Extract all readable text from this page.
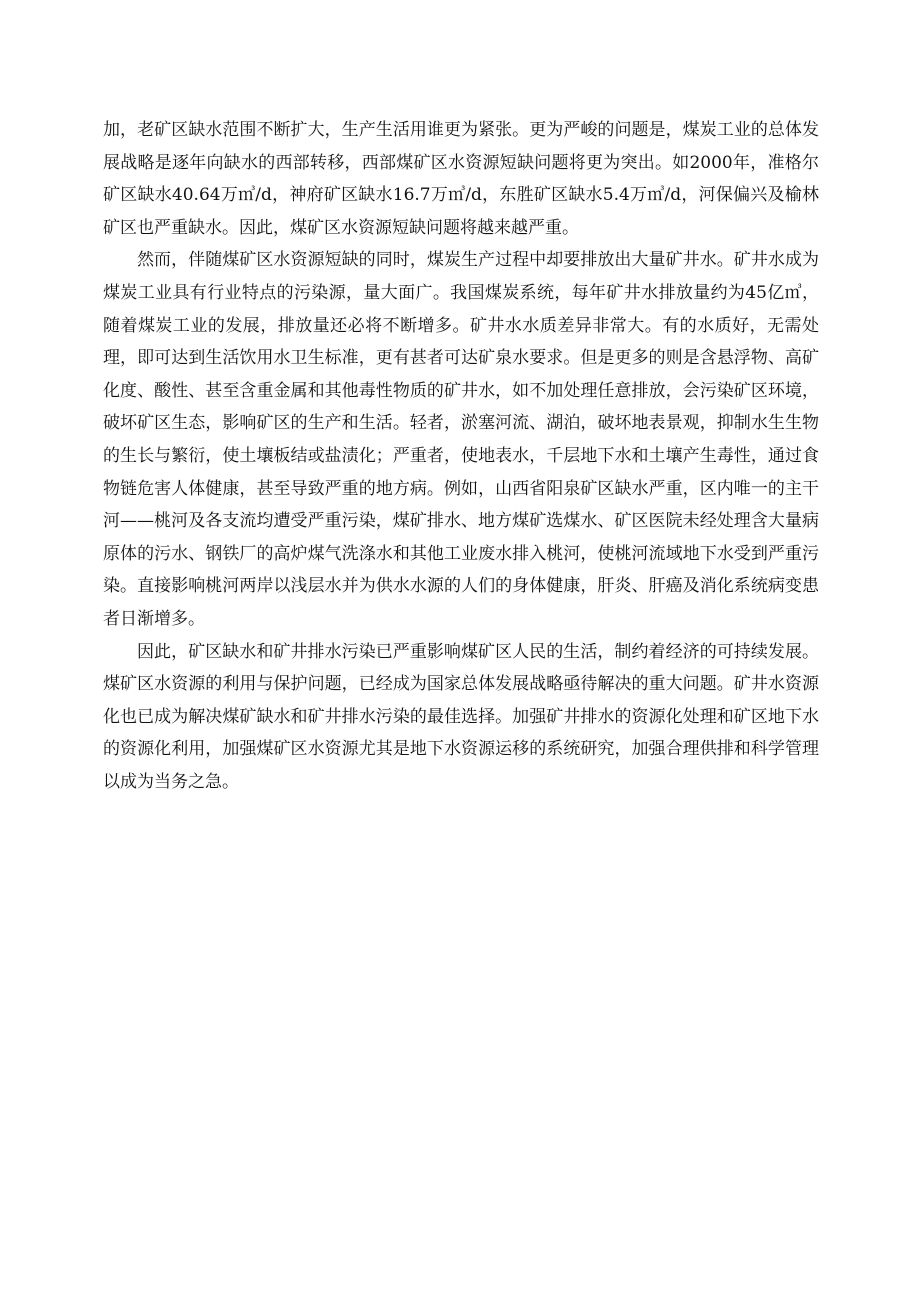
加，老矿区缺水范围不断扩大，生产生活用谁更为紧张。更为严峻的问题是，煤炭工业的总体发展战略是逐年向缺水的西部转移，西部煤矿区水资源短缺问题将更为突出。如2000年，准格尔矿区缺水40.64万㎥/d，神府矿区缺水16.7万㎥/d，东胜矿区缺水5.4万㎥/d，河保偏兴及榆林矿区也严重缺水。因此，煤矿区水资源短缺问题将越来越严重。

然而，伴随煤矿区水资源短缺的同时，煤炭生产过程中却要排放出大量矿井水。矿井水成为煤炭工业具有行业特点的污染源，量大面广。我国煤炭系统，每年矿井水排放量约为45亿㎥，随着煤炭工业的发展，排放量还必将不断增多。矿井水水质差异非常大。有的水质好，无需处理，即可达到生活饮用水卫生标准，更有甚者可达矿泉水要求。但是更多的则是含悬浮物、高矿化度、酸性、甚至含重金属和其他毒性物质的矿井水，如不加处理任意排放，会污染矿区环境，破坏矿区生态，影响矿区的生产和生活。轻者，淤塞河流、湖泊，破坏地表景观，抑制水生生物的生长与繁衍，使土壤板结或盐渍化；严重者，使地表水，千层地下水和土壤产生毒性，通过食物链危害人体健康，甚至导致严重的地方病。例如，山西省阳泉矿区缺水严重，区内唯一的主干河——桃河及各支流均遭受严重污染，煤矿排水、地方煤矿选煤水、矿区医院未经处理含大量病原体的污水、钢铁厂的高炉煤气洗涤水和其他工业废水排入桃河，使桃河流域地下水受到严重污染。直接影响桃河两岸以浅层水并为供水水源的人们的身体健康，肝炎、肝癌及消化系统病变患者日渐增多。

因此，矿区缺水和矿井排水污染已严重影响煤矿区人民的生活，制约着经济的可持续发展。煤矿区水资源的利用与保护问题，已经成为国家总体发展战略亟待解决的重大问题。矿井水资源化也已成为解决煤矿缺水和矿井排水污染的最佳选择。加强矿井排水的资源化处理和矿区地下水的资源化利用，加强煤矿区水资源尤其是地下水资源运移的系统研究，加强合理供排和科学管理以成为当务之急。
